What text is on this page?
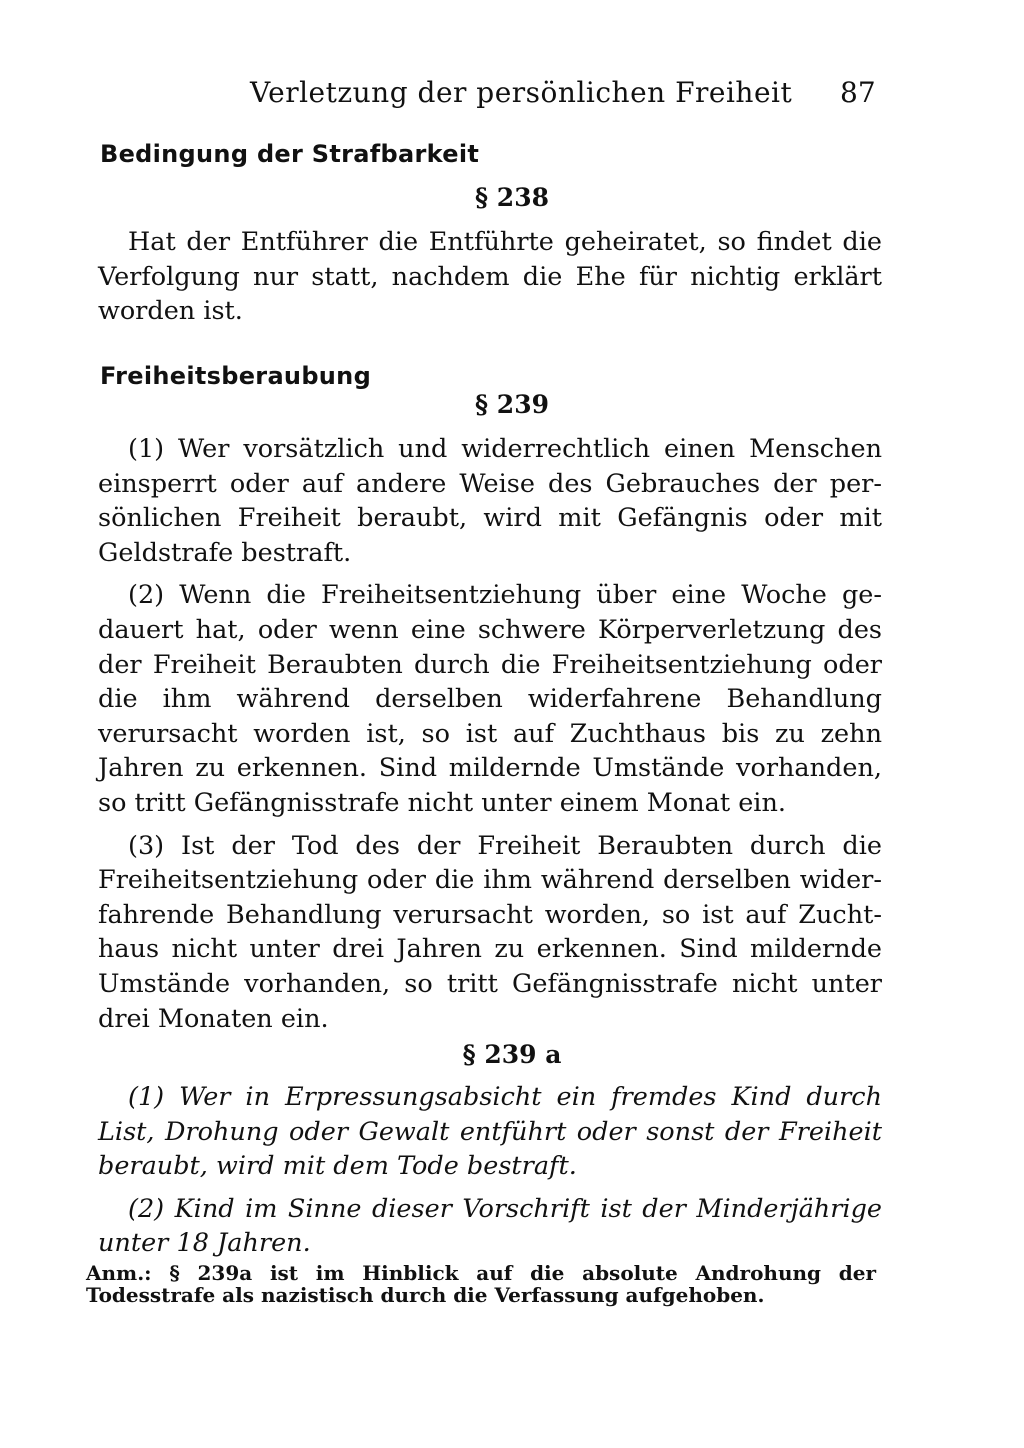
Verletzung der persönlichen Freiheit 87
Bedingung der Strafbarkeit
§ 238

Hat der Entführer die Entführte geheiratet, so findet die Verfolgung nur statt, nachdem die Ehe für nichtig erklärt worden ist.

Freiheitsberaubung
§ 239

(1) Wer vorsätzlich und widerrechtlich einen Menschen einsperrt oder auf andere Weise des Gebrauches der persönlichen Freiheit beraubt, wird mit Gefängnis oder mit Geldstrafe bestraft.

(2) Wenn die Freiheitsentziehung über eine Woche gedauert hat, oder wenn eine schwere Körperverletzung des der Freiheit Beraubten durch die Freiheitsentziehung oder die ihm während derselben widerfahrene Behandlung verursacht worden ist, so ist auf Zuchthaus bis zu zehn Jahren zu erkennen. Sind mildernde Umstände vorhanden, so tritt Gefängnisstrafe nicht unter einem Monat ein.

(3) Ist der Tod des der Freiheit Beraubten durch die Freiheitsentziehung oder die ihm während derselben widerfahrende Behandlung verursacht worden, so ist auf Zuchthaus nicht unter drei Jahren zu erkennen. Sind mildernde Umstände vorhanden, so tritt Gefängnisstrafe nicht unter drei Monaten ein.

§ 239 a

(1) Wer in Erpressungsabsicht ein fremdes Kind durch List, Drohung oder Gewalt entführt oder sonst der Freiheit beraubt, wird mit dem Tode bestraft.

(2) Kind im Sinne dieser Vorschrift ist der Minderjährige unter 18 Jahren.

Anm.: § 239a ist im Hinblick auf die absolute Androhung der Todesstrafe als nazistisch durch die Verfassung aufgehoben.
